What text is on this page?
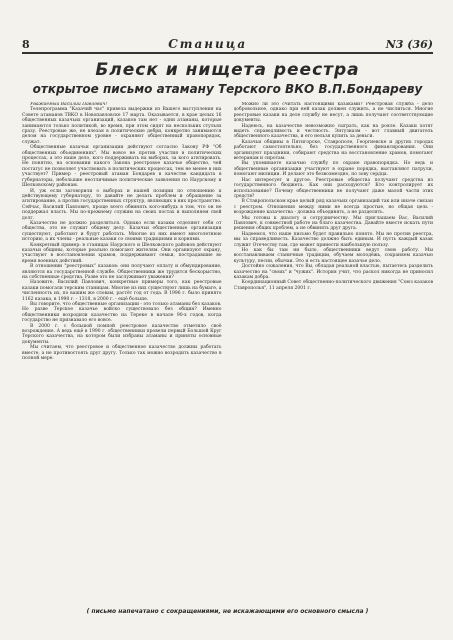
8	Станица	N3 (36)
Блеск и нищета реестра
открытое письмо атаману Терского ВКО В.П.Бондареву

Уважаемый Василий Павлович!

Телепрограмма "Казачий час" привела выдержки из Вашего выступления на Совете атаманов ТВКО в Новопавловске 17 марта. Оказывается, в крае целых 16 общественных казачьих организаций, казаков там нет - одни атаманы, которые занимаются только политикой, во время, при этом сидят на нескольких стульях сразу. Реестровые же, не влезая в политические дебри, конкретно занимаются делом на государственном уровне - охраняют общественный правопорядок, служат.

Общественные казачьи организации действуют согласно Закону РФ "Об общественных объединениях". Мы вовсе не против участия в политических процессах, а это наше дело, кого поддерживать на выборах, за кого агитировать. Не понятно, на основании какого Закона реестровое казачье общество, чей постатус не позволяет участвовать в политических процессах, тем не менее в них участвует? Пример - реестровый атаман Бондарев в качестве кандидата в губернаторы, небольшие неотличимые политические заявления по Наурскому и Шелковскому районам.

И, уж если заговорили о выборах и нашей позиции по отношению к действующему губернатору, то давайте не делать проблем и обращение за агитирование, а против государственных структур, являющих в них пространство. Сейчас, Василий Павлович, проще всего обвинять кого-нибудь в том, что он не поддержал власть. Мы по-прежнему служим на своих постах и выполняем свой долг.

Казачество не должно разделяться. Однако если казаки отделяют себя от общества, это не служит общему делу. Казачьи общественные организации существуют, работают и будут работать. Многие из них имеют многолетнюю историю, а их члены - реальные казаки со своими традициями и корнями.

Конкретный пример: в станицах Наурского и Шелковского районов действуют казачьи общины, которые реально помогают жителям. Они организуют охрану, участвуют в восстановлении храмов, поддерживают семьи, пострадавшие во время военных действий.

В отношении "реестровых" казаков: они получают оплату и обмундирование, являются на государственной службе. Общественники же трудятся бескорыстно, на собственные средства. Разве это не заслуживает уважения?

Назовите, Василий Павлович, конкретные примеры того, как реестровые казаки помогали терским станицам. Многие из них существуют лишь на бумаге, а численность их, по вашим же словам, растёт год от года. В 1996 г. было принято 1162 казака, в 1998 г. - 1318, в 2000 г. - ещё больше.

Вы говорите, что общественные организации - это только атаманы без казаков. Но разве Терское казачье войско существовало без общин? Именно общественники возродили казачество на Тереке в начале 90-х годов, когда государство не признавало его вовсе.

В 2000 г. с большой помпой реестровое казачество отметило своё возрождение. А ведь ещё в 1990 г. общественники провели первый Большой Круг Терского казачества, на котором были избраны атаманы и приняты основные документы.

Мы считаем, что реестровое и общественное казачество должны работать вместе, а не противостоять друг другу. Только так можно возродить казачество в полной мере.

Можно ли это считать настоящими казаками? Реестровая служба - дело добровольное, однако при ней казак должен служить, а не числиться. Многие реестровые казаки на деле службу не несут, а лишь получают соответствующие документы.

Надеюсь, на казачестве невозможно сыграть, как на рояле. Казаки хотят видеть справедливость и честность. Энтузиазм - вот главный двигатель общественного казачества, и его нельзя купить за деньги.

Казачьи общины в Пятигорске, Ставрополе, Георгиевске и других городах работают самостоятельно, без государственного финансирования. Они организуют праздники, собирают средства на восстановление храмов, помогают ветеранам и сиротам.

Вы упоминаете казачью службу по охране правопорядка. Но ведь и общественные организации участвуют в охране порядка, выставляют патрули, помогают милиции. И делают это безвозмездно, по зову сердца.

Нас интересует и другое. Реестровые общества получают средства из государственного бюджета. Как они расходуются? Кто контролирует их использование? Почему общественники не получают даже малой части этих средств?

В Ставропольском крае целый ряд казачьих организаций так или иначе связан с реестром. Отношения между ними не всегда простые, но общая цель - возрождение казачества - должна объединять, а не разделять.

Мы готовы к диалогу и сотрудничеству. Мы приглашаем Вас, Василий Павлович, к совместной работе на благо казачества. Давайте вместе искать пути решения общих проблем, а не обвинять друг друга.

Надеемся, что наше письмо будет правильно понято. Мы не против реестра, мы за справедливость. Казачество должно быть единым. И пусть каждый казак служит Отечеству там, где может принести наибольшую пользу.

Но как бы там ни было, общественники ведут свою работу. Мы восстанавливаем станичные традиции, обучаем молодёжь, сохраняем казачью культуру, песни, обычаи. Это и есть настоящее казачье дело.

Достойно сожаления, что Вы, обладая реальной властью, пытаетесь разделить казачество на "своих" и "чужих". История учит, что раскол никогда не приносил казакам добра.

Координационный Совет общественно-политического движения "Союз казаков Ставрополья", 11 апреля 2001 г.

( письмо напечатано с сокращениями, не искажающими его основного смысла )
